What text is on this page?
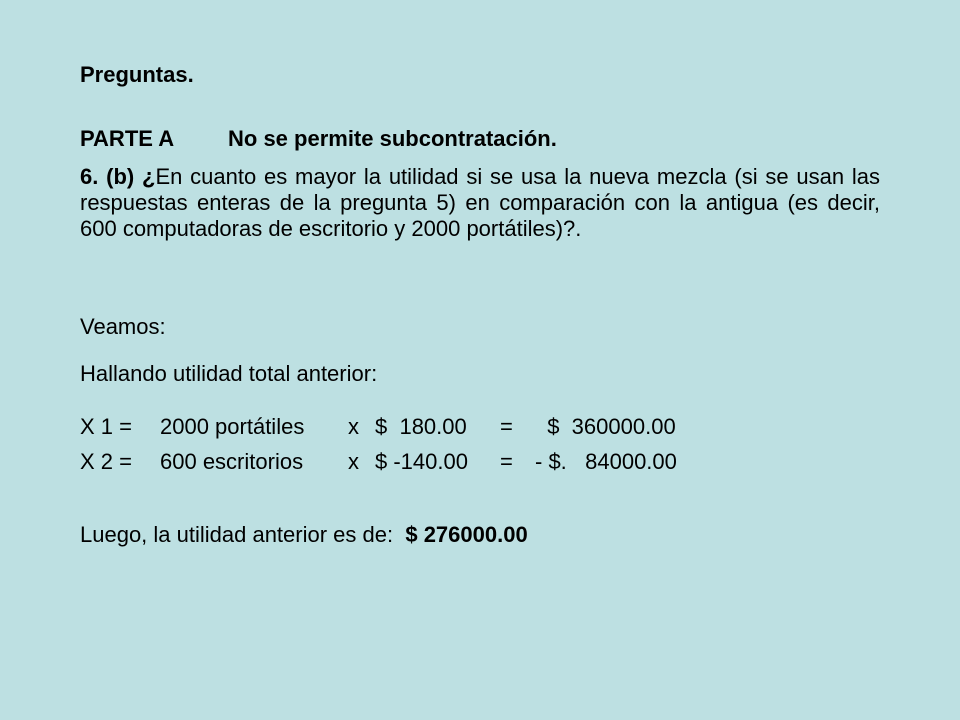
Preguntas.
PARTE A No se permite subcontratación.
6. (b) ¿En cuanto es mayor la utilidad si se usa la nueva mezcla (si se usan las respuestas enteras de la pregunta 5) en comparación con la antigua (es decir, 600 computadoras de escritorio y 2000 portátiles)?.
Veamos:
Hallando utilidad total anterior:

X 1 =

2000 portátiles

x

$  180.00

=

$  360000.00

X 2 =

600 escritorios

x

$ -140.00

=

- $.   84000.00

Luego, la utilidad anterior es de: $ 276000.00
